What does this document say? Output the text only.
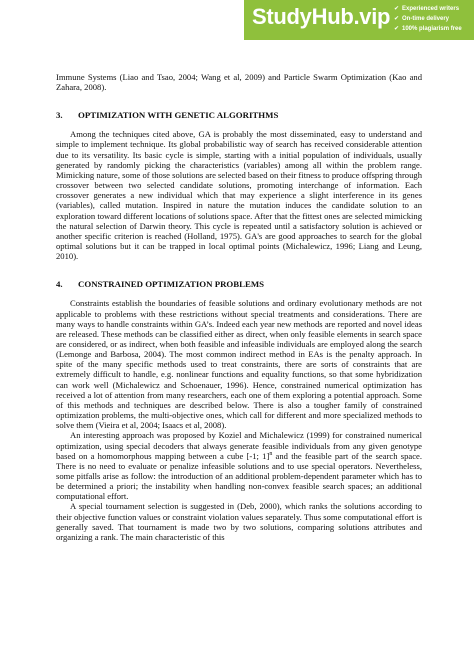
StudyHub.vip ✔ Experienced writers
✔ On-time delivery
✔ 100% plagiarism free

Immune Systems (Liao and Tsao, 2004; Wang et al, 2009) and Particle Swarm Optimization (Kao and Zahara, 2008).

3.	OPTIMIZATION WITH GENETIC ALGORITHMS

Among the techniques cited above, GA is probably the most disseminated, easy to understand and simple to implement technique. Its global probabilistic way of search has received considerable attention due to its versatility. Its basic cycle is simple, starting with a initial population of individuals, usually generated by randomly picking the characteristics (variables) among all within the problem range. Mimicking nature, some of those solutions are selected based on their fitness to produce offspring through crossover between two selected candidate solutions, promoting interchange of information. Each crossover generates a new individual which that may experience a slight interference in its genes (variables), called mutation. Inspired in nature the mutation induces the candidate solution to an exploration toward different locations of solutions space. After that the fittest ones are selected mimicking the natural selection of Darwin theory. This cycle is repeated until a satisfactory solution is achieved or another specific criterion is reached (Holland, 1975). GA's are good approaches to search for the global optimal solutions but it can be trapped in local optimal points (Michalewicz, 1996; Liang and Leung, 2010).

4.	CONSTRAINED OPTIMIZATION PROBLEMS

Constraints establish the boundaries of feasible solutions and ordinary evolutionary methods are not applicable to problems with these restrictions without special treatments and considerations. There are many ways to handle constraints within GA’s. Indeed each year new methods are reported and novel ideas are released. These methods can be classified either as direct, when only feasible elements in search space are considered, or as indirect, when both feasible and infeasible individuals are employed along the search (Lemonge and Barbosa, 2004). The most common indirect method in EAs is the penalty approach. In spite of the many specific methods used to treat constraints, there are sorts of constraints that are extremely difficult to handle, e.g. nonlinear functions and equality functions, so that some hybridization can work well (Michalewicz and Schoenauer, 1996). Hence, constrained numerical optimization has received a lot of attention from many researchers, each one of them exploring a potential approach. Some of this methods and techniques are described below. There is also a tougher family of constrained optimization problems, the multi-objective ones, which call for different and more specialized methods to solve them (Vieira et al, 2004; Isaacs et al, 2008).

An interesting approach was proposed by Koziel and Michalewicz (1999) for constrained numerical optimization, using special decoders that always generate feasible individuals from any given genotype based on a homomorphous mapping between a cube [-1; 1]$^n$ and the feasible part of the search space. There is no need to evaluate or penalize infeasible solutions and to use special operators. Nevertheless, some pitfalls arise as follow: the introduction of an additional problem-dependent parameter which has to be determined a priori; the instability when handling non-convex feasible search spaces; an additional computational effort.

A special tournament selection is suggested in (Deb, 2000), which ranks the solutions according to their objective function values or constraint violation values separately. Thus some computational effort is generally saved. That tournament is made two by two solutions, comparing solutions attributes and organizing a rank. The main characteristic of this
